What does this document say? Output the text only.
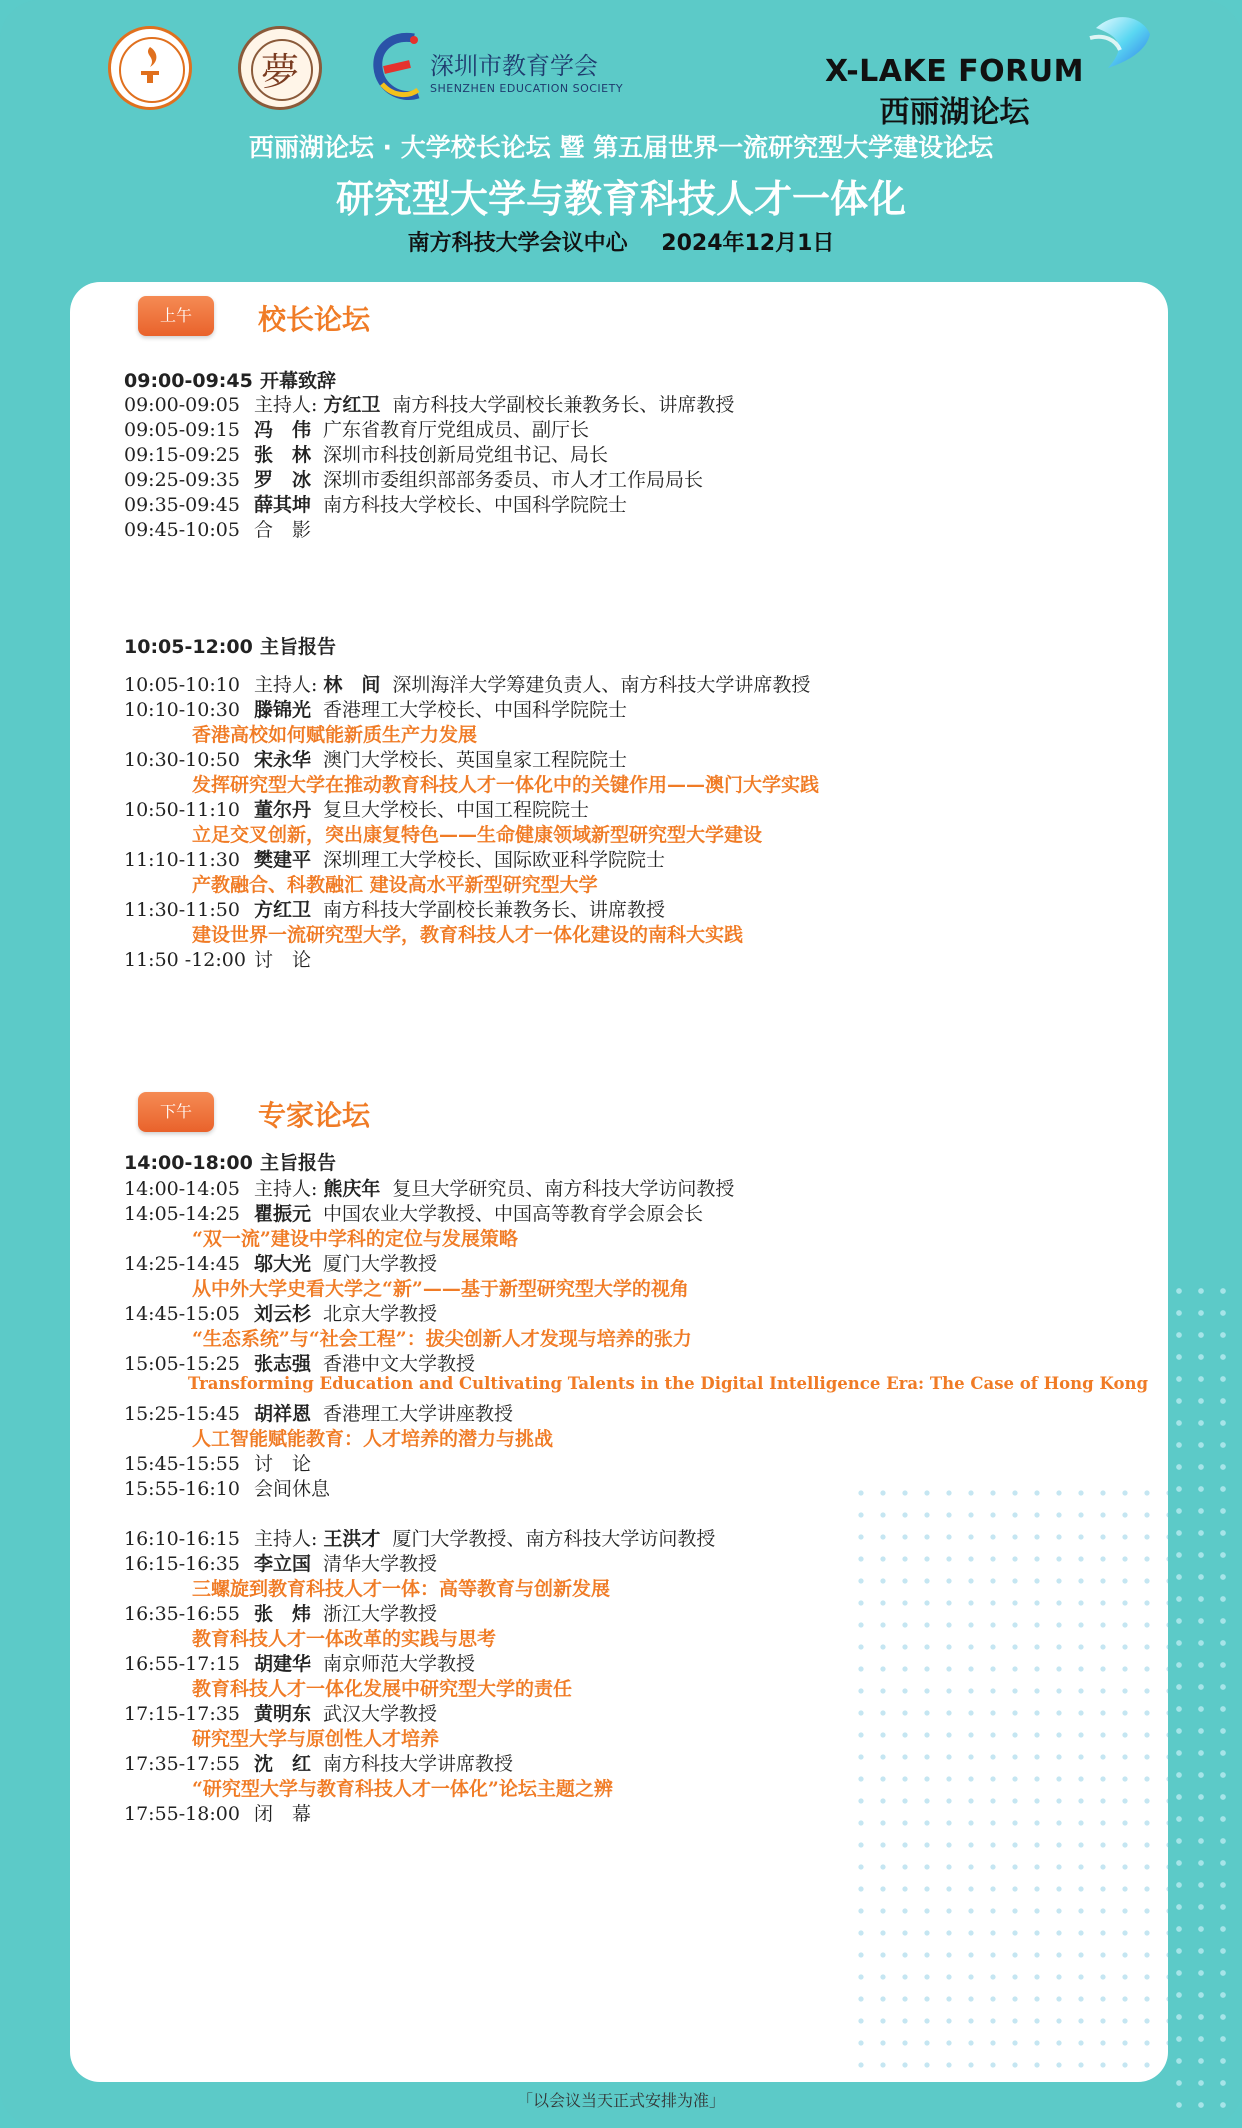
夢	深圳市教育学会
SHENZHEN EDUCATION SOCIETY	X-LAKE FORUM
西丽湖论坛
西丽湖论坛 · 大学校长论坛 暨 第五届世界一流研究型大学建设论坛
研究型大学与教育科技人才一体化
南方科技大学会议中心 2024年12月1日
上午	校长论坛
09:00-09:45 开幕致辞
09:00-09:05 主持人: 方红卫 南方科技大学副校长兼教务长、讲席教授
09:05-09:15 冯　伟 广东省教育厅党组成员、副厅长
09:15-09:25 张　林 深圳市科技创新局党组书记、局长
09:25-09:35 罗　冰 深圳市委组织部部务委员、市人才工作局局长
09:35-09:45 薛其坤 南方科技大学校长、中国科学院院士
09:45-10:05 合　影
10:05-12:00 主旨报告
10:05-10:10 主持人: 林　间 深圳海洋大学筹建负责人、南方科技大学讲席教授
10:10-10:30 滕锦光 香港理工大学校长、中国科学院院士
香港高校如何赋能新质生产力发展
10:30-10:50 宋永华 澳门大学校长、英国皇家工程院院士
发挥研究型大学在推动教育科技人才一体化中的关键作用——澳门大学实践
10:50-11:10 董尔丹 复旦大学校长、中国工程院院士
立足交叉创新，突出康复特色——生命健康领域新型研究型大学建设
11:10-11:30 樊建平 深圳理工大学校长、国际欧亚科学院院士
产教融合、科教融汇 建设高水平新型研究型大学
11:30-11:50 方红卫 南方科技大学副校长兼教务长、讲席教授
建设世界一流研究型大学，教育科技人才一体化建设的南科大实践
11:50 -12:00 讨　论
下午	专家论坛
14:00-18:00 主旨报告
14:00-14:05 主持人: 熊庆年 复旦大学研究员、南方科技大学访问教授
14:05-14:25 瞿振元 中国农业大学教授、中国高等教育学会原会长
“双一流”建设中学科的定位与发展策略
14:25-14:45 邬大光 厦门大学教授
从中外大学史看大学之“新”——基于新型研究型大学的视角
14:45-15:05 刘云杉 北京大学教授
“生态系统”与“社会工程”：拔尖创新人才发现与培养的张力
15:05-15:25 张志强 香港中文大学教授
Transforming Education and Cultivating Talents in the Digital Intelligence Era: The Case of Hong Kong
15:25-15:45 胡祥恩 香港理工大学讲座教授
人工智能赋能教育：人才培养的潜力与挑战
15:45-15:55 讨　论
15:55-16:10 会间休息
16:10-16:15 主持人: 王洪才 厦门大学教授、南方科技大学访问教授
16:15-16:35 李立国 清华大学教授
三螺旋到教育科技人才一体：高等教育与创新发展
16:35-16:55 张　炜 浙江大学教授
教育科技人才一体改革的实践与思考
16:55-17:15 胡建华 南京师范大学教授
教育科技人才一体化发展中研究型大学的责任
17:15-17:35 黄明东 武汉大学教授
研究型大学与原创性人才培养
17:35-17:55 沈　红 南方科技大学讲席教授
“研究型大学与教育科技人才一体化”论坛主题之辨
17:55-18:00 闭　幕
「以会议当天正式安排为准」
